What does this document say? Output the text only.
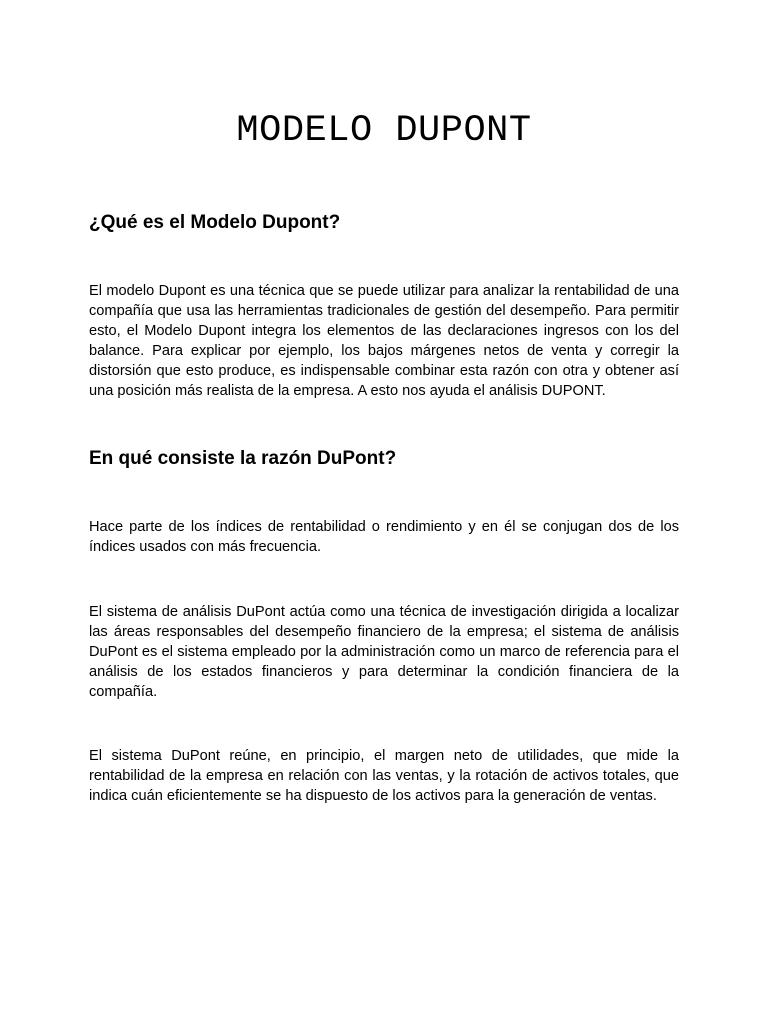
MODELO DUPONT
¿Qué es el Modelo Dupont?

El modelo Dupont es una técnica que se puede utilizar para analizar la rentabilidad de una compañía que usa las herramientas tradicionales de gestión del desempeño. Para permitir esto, el Modelo Dupont integra los elementos de las declaraciones ingresos con los del balance. Para explicar por ejemplo, los bajos márgenes netos de venta y corregir la distorsión que esto produce, es indispensable combinar esta razón con otra y obtener así una posición más realista de la empresa. A esto nos ayuda el análisis DUPONT.

En qué consiste la razón DuPont?

Hace parte de los índices de rentabilidad o rendimiento y en él se conjugan dos de los índices usados con más frecuencia.

El sistema de análisis DuPont actúa como una técnica de investigación dirigida a localizar las áreas responsables del desempeño financiero de la empresa; el sistema de análisis DuPont es el sistema empleado por la administración como un marco de referencia para el análisis de los estados financieros y para determinar la condición financiera de la compañía.

El sistema DuPont reúne, en principio, el margen neto de utilidades, que mide la rentabilidad de la empresa en relación con las ventas, y la rotación de activos totales, que indica cuán eficientemente se ha dispuesto de los activos para la generación de ventas.
